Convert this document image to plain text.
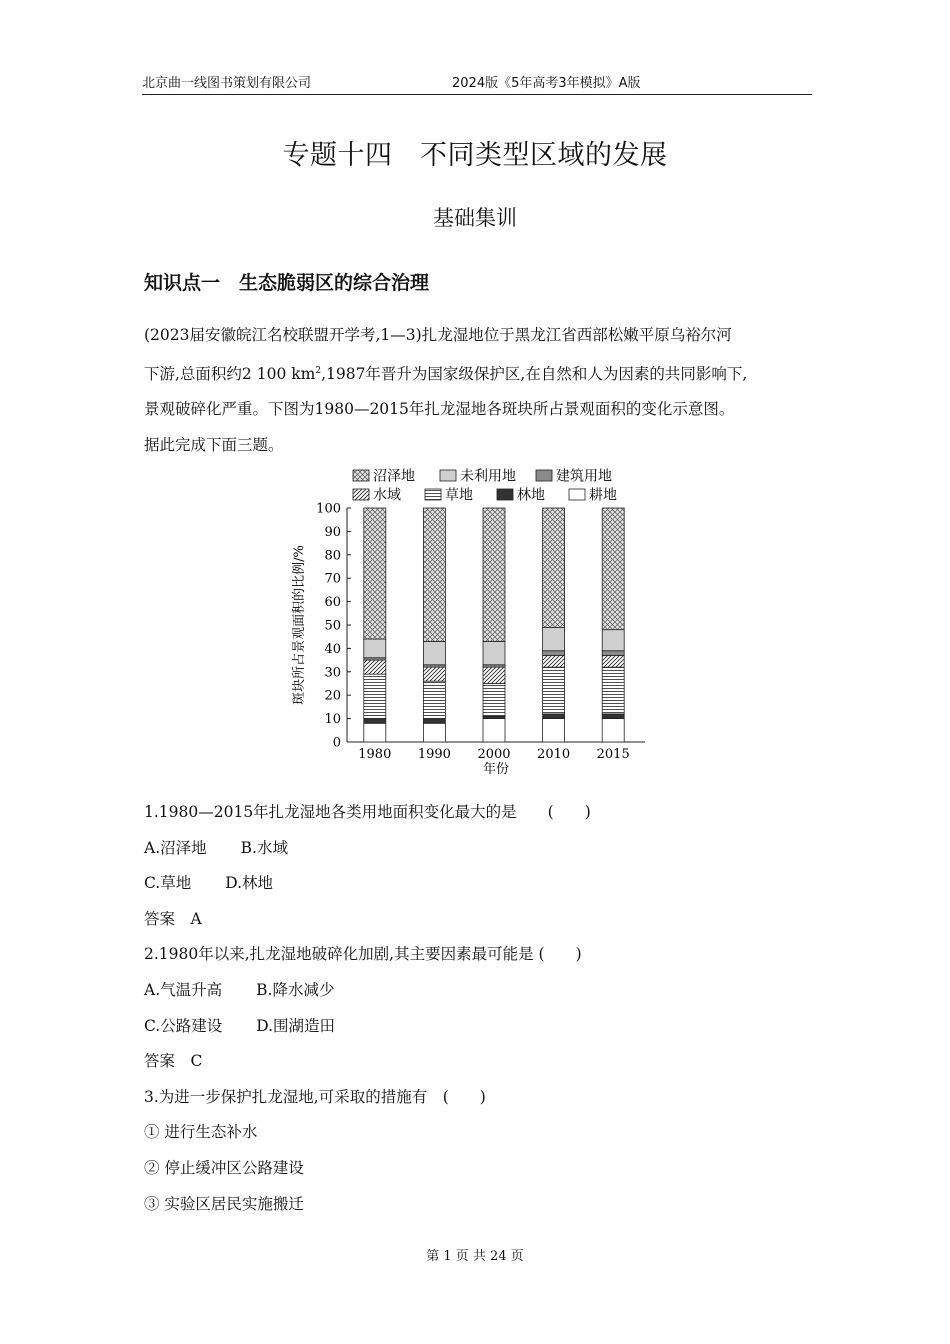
北京曲一线图书策划有限公司	2024版《5年高考3年模拟》A版
专题十四　不同类型区域的发展
基础集训
知识点一　生态脆弱区的综合治理

(2023届安徽皖江名校联盟开学考,1—3)扎龙湿地位于黑龙江省西部松嫩平原乌裕尔河

下游,总面积约2 100 $km^2,1987$年晋升为国家级保护区,在自然和人为因素的共同影响下,

景观破碎化严重。下图为1980—2015年扎龙湿地各斑块所占景观面积的变化示意图。

据此完成下面三题。

0
10
20
30
40
50
60
70
80
90
100
斑块所占景观面积的比例/%
年份
1980 1990 2000 2010 2015
沼泽地	未利用地	建筑用地
水域	草地	林地	耕地
1.1980—2015年扎龙湿地各类用地面积变化最大的是　　(　　)
A.沼泽地 B.水域
C.草地 D.林地
答案　A
2.1980年以来,扎龙湿地破碎化加剧,其主要因素最可能是 (　　)
A.气温升高 B.降水减少
C.公路建设 D.围湖造田
答案　C
3.为进一步保护扎龙湿地,可采取的措施有　(　　)
① 进行生态补水
② 停止缓冲区公路建设
③ 实验区居民实施搬迁
第 1 页 共 24 页
